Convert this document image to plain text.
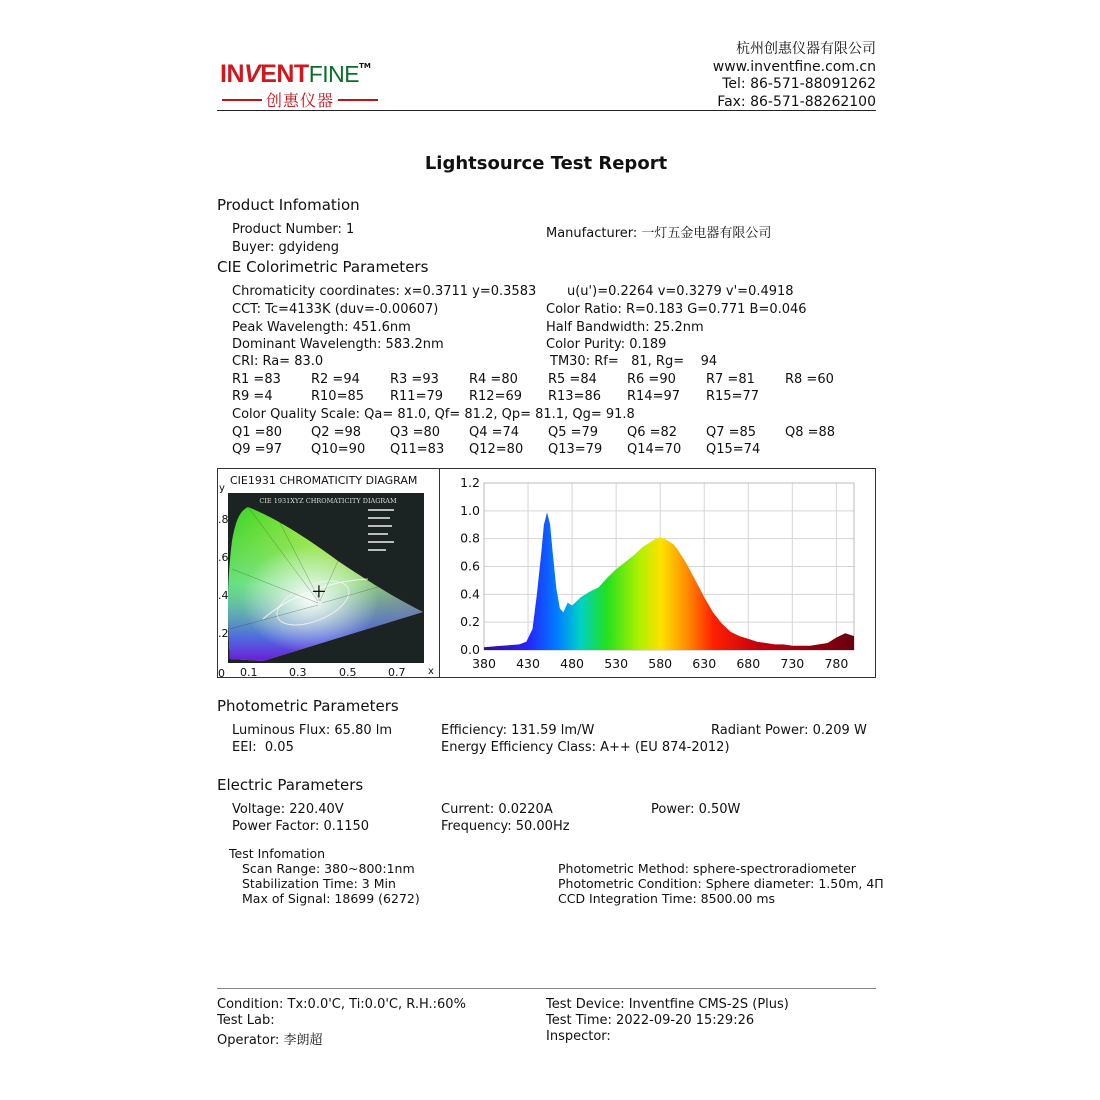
INVENTFINE™
创惠仪器
杭州创惠仪器有限公司
www.inventfine.com.cn
Tel: 86-571-88091262
Fax: 86-571-88262100
Lightsource Test Report
Product Infomation
Product Number: 1	Manufacturer: 一灯五金电器有限公司
Buyer: gdyideng
CIE Colorimetric Parameters
Chromaticity coordinates: x=0.3711 y=0.3583 u(u')=0.2264 v=0.3279 v'=0.4918
CCT: Tc=4133K (duv=-0.00607)	Color Ratio: R=0.183 G=0.771 B=0.046
Peak Wavelength: 451.6nm	Half Bandwidth: 25.2nm
Dominant Wavelength: 583.2nm	Color Purity: 0.189
CRI: Ra= 83.0	TM30: Rf=   81, Rg=    94
R1 =83 R2 =94 R3 =93 R4 =80 R5 =84 R6 =90 R7 =81 R8 =60
R9 =4	R10=85 R11=79 R12=69 R13=86 R14=97 R15=77
Color Quality Scale: Qa= 81.0, Qf= 81.2, Qp= 81.1, Qg= 91.8
Q1 =80 Q2 =98 Q3 =80 Q4 =74 Q5 =79 Q6 =82 Q7 =85 Q8 =88
Q9 =97 Q10=90 Q11=83 Q12=80 Q13=79 Q14=70 Q15=74
CIE 1931XYZ CHROMATICITY DIAGRAM
CIE1931 CHROMATICITY DIAGRAM
y
x
.8
.6
.4
.2
0 0.1	0.3	0.5	0.7
0.0
0.2
0.4
0.6
0.8
1.0
1.2
380 430 480 530 580 630 680 730 780
Photometric Parameters
Luminous Flux: 65.80 lm	Efficiency: 131.59 lm/W	Radiant Power: 0.209 W
EEI:  0.05	Energy Efficiency Class: A++ (EU 874-2012)
Electric Parameters
Voltage: 220.40V	Current: 0.0220A	Power: 0.50W
Power Factor: 0.1150	Frequency: 50.00Hz
Test Infomation
Scan Range: 380~800:1nm
Stabilization Time: 3 Min
Max of Signal: 18699 (6272)
Photometric Method: sphere-spectroradiometer
Photometric Condition: Sphere diameter: 1.50m, 4Π
CCD Integration Time: 8500.00 ms
Condition: Tx:0.0'C, Ti:0.0'C, R.H.:60%	Test Device: Inventfine CMS-2S (Plus)
Test Lab:	Test Time: 2022-09-20 15:29:26
Operator: 李朗超	Inspector:
